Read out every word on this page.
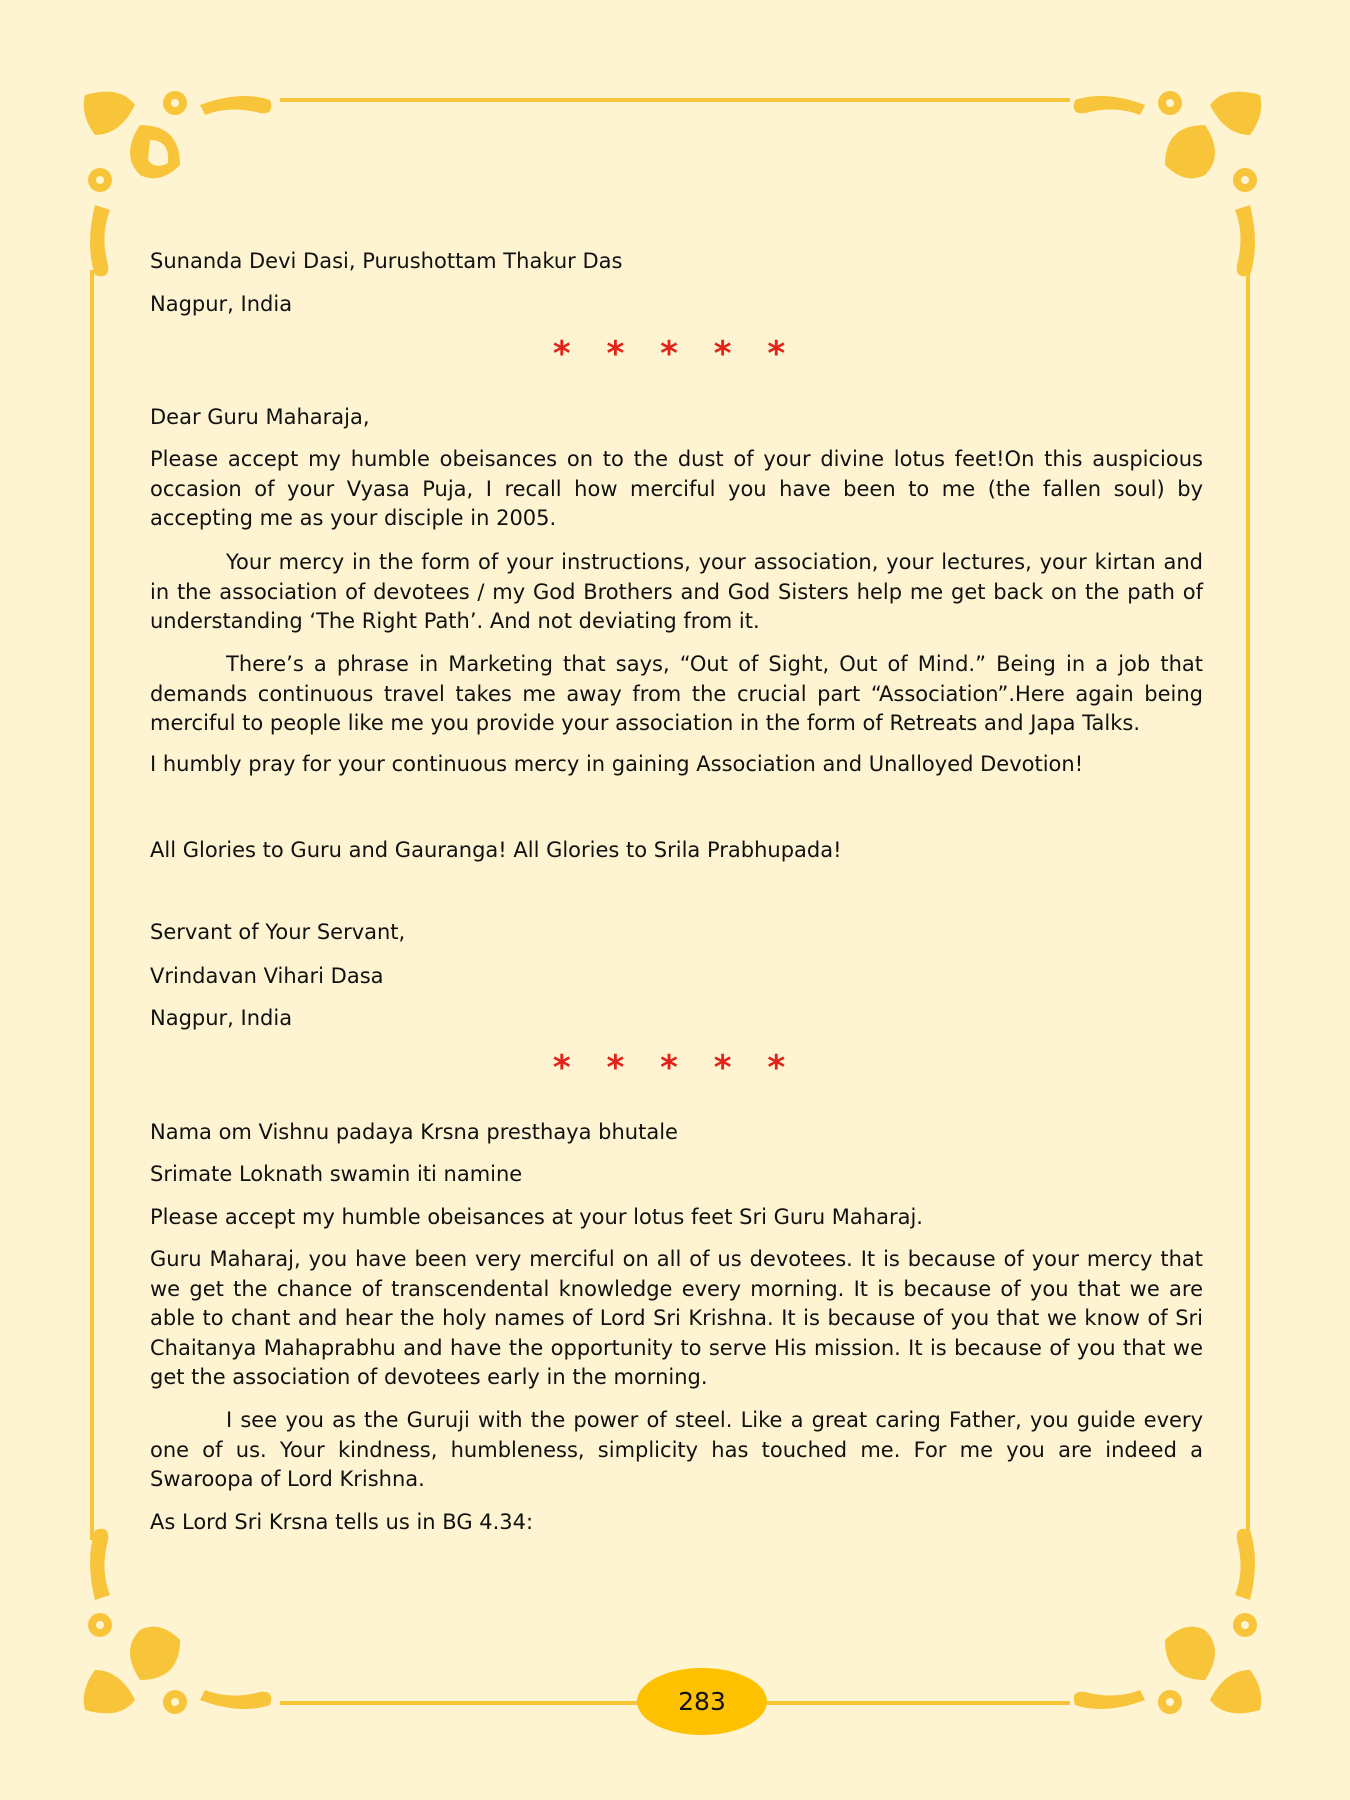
Sunanda Devi Dasi, Purushottam Thakur Das
Nagpur, India
* * * * *
Dear Guru Maharaja,
Please accept my humble obeisances on to the dust of your divine lotus feet!On this auspicious occasion of your Vyasa Puja, I recall how merciful you have been to me (the fallen soul) by accepting me as your disciple in 2005.
Your mercy in the form of your instructions, your association, your lectures, your kirtan and in the association of devotees / my God Brothers and God Sisters help me get back on the path of understanding ‘The Right Path’. And not deviating from it.
There’s a phrase in Marketing that says, “Out of Sight, Out of Mind.” Being in a job that demands continuous travel takes me away from the crucial part “Association”.Here again being merciful to people like me you provide your association in the form of Retreats and Japa Talks.
I humbly pray for your continuous mercy in gaining Association and Unalloyed Devotion!
All Glories to Guru and Gauranga! All Glories to Srila Prabhupada!
Servant of Your Servant,
Vrindavan Vihari Dasa
Nagpur, India
* * * * *
Nama om Vishnu padaya Krsna presthaya bhutale
Srimate Loknath swamin iti namine
Please accept my humble obeisances at your lotus feet Sri Guru Maharaj.
Guru Maharaj, you have been very merciful on all of us devotees. It is because of your mercy that we get the chance of transcendental knowledge every morning. It is because of you that we are able to chant and hear the holy names of Lord Sri Krishna. It is because of you that we know of Sri Chaitanya Mahaprabhu and have the opportunity to serve His mission. It is because of you that we get the association of devotees early in the morning.
I see you as the Guruji with the power of steel. Like a great caring Father, you guide every one of us. Your kindness, humbleness, simplicity has touched me. For me you are indeed a Swaroopa of Lord Krishna.
As Lord Sri Krsna tells us in BG 4.34:
283
